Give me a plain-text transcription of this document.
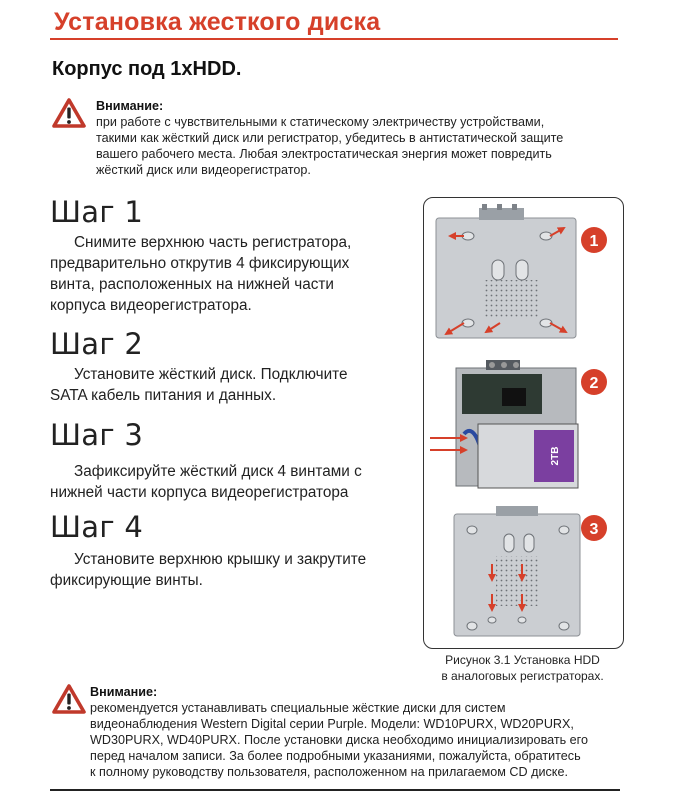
Установка жесткого диска
Корпус под 1xHDD.
Внимание:
при работе с чувствительными к статическому электричеству устройствами,
такими как жёсткий диск или регистратор, убедитесь в антистатической защите
вашего рабочего места. Любая электростатическая энергия может повредить
жёсткий диск или видеорегистратор.
Шаг 1
Снимите верхнюю часть регистратора,
предварительно открутив 4 фиксирующих
винта, расположенных на нижней части
корпуса видеорегистратора.
Шаг 2
Установите жёсткий диск. Подключите
SATA кабель питания и данных.
Шаг 3
Зафиксируйте жёсткий диск 4 винтами с
нижней части корпуса видеорегистратора
Шаг 4
Установите верхнюю крышку и закрутите
фиксирующие винты.
1
2TB
2
3
Рисунок 3.1 Установка HDD
в аналоговых регистраторах.
Внимание:
рекомендуется устанавливать специальные жёсткие диски для систем
видеонаблюдения Western Digital серии Purple. Модели: WD10PURX, WD20PURX,
WD30PURX, WD40PURX. После установки диска необходимо инициализировать его
перед началом записи. За более подробными указаниями, пожалуйста, обратитесь
к полному руководству пользователя, расположенном на прилагаемом CD диске.
